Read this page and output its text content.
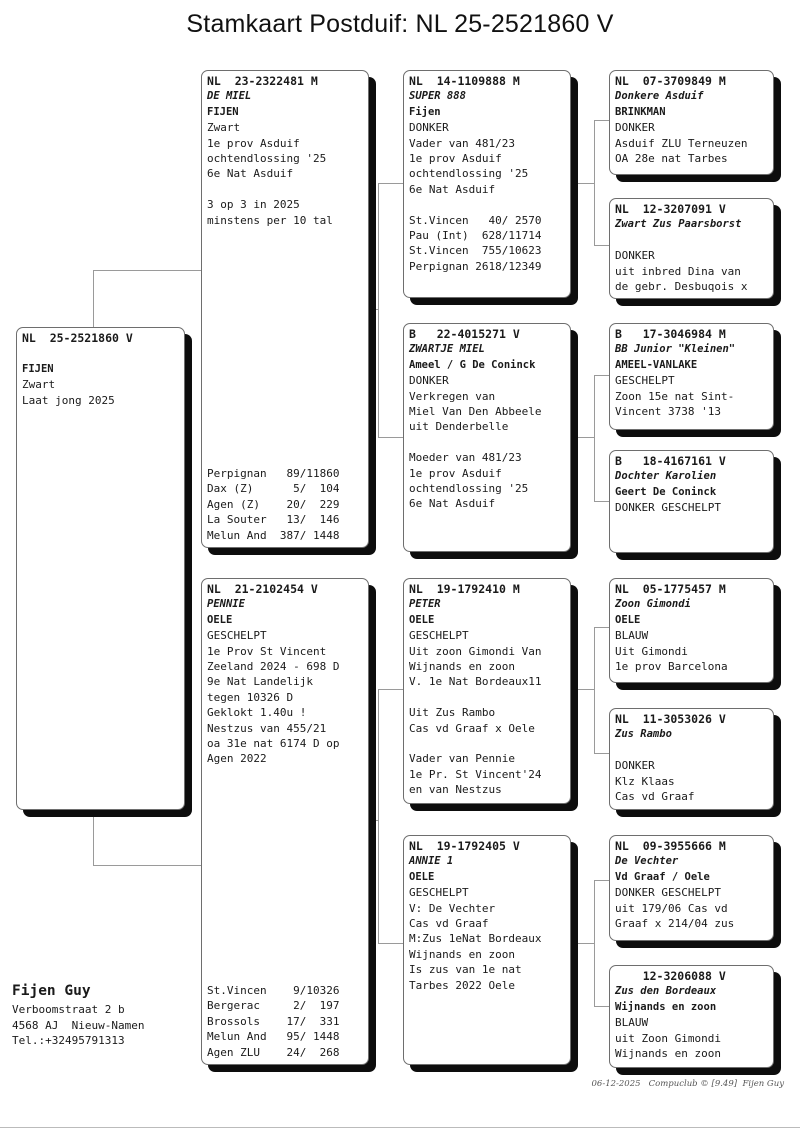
Stamkaart Postduif: NL 25-2521860 V
NL  25-2521860 V
FIJEN
Zwart
Laat jong 2025
NL  23-2322481 M
DE MIEL
FIJEN
Zwart
1e prov Asduif
ochtendlossing '25
6e Nat Asduif
3 op 3 in 2025
minstens per 10 tal
Perpignan   89/11860
Dax (Z)      5/  104
Agen (Z)    20/  229
La Souter   13/  146
Melun And  387/ 1448
NL  21-2102454 V
PENNIE
OELE
GESCHELPT
1e Prov St Vincent
Zeeland 2024 - 698 D
9e Nat Landelijk
tegen 10326 D
Geklokt 1.40u !
Nestzus van 455/21
oa 31e nat 6174 D op
Agen 2022
St.Vincen    9/10326
Bergerac     2/  197
Brossols    17/  331
Melun And   95/ 1448
Agen ZLU    24/  268
NL  14-1109888 M
SUPER 888
Fijen
DONKER
Vader van 481/23
1e prov Asduif
ochtendlossing '25
6e Nat Asduif
St.Vincen   40/ 2570
Pau (Int)  628/11714
St.Vincen  755/10623
Perpignan 2618/12349
B   22-4015271 V
ZWARTJE MIEL
Ameel / G De Coninck
DONKER
Verkregen van
Miel Van Den Abbeele
uit Denderbelle
Moeder van 481/23
1e prov Asduif
ochtendlossing '25
6e Nat Asduif
NL  19-1792410 M
PETER
OELE
GESCHELPT
Uit zoon Gimondi Van
Wijnands en zoon
V. 1e Nat Bordeaux11
Uit Zus Rambo
Cas vd Graaf x Oele
Vader van Pennie
1e Pr. St Vincent'24
en van Nestzus
NL  19-1792405 V
ANNIE 1
OELE
GESCHELPT
V: De Vechter
Cas vd Graaf
M:Zus 1eNat Bordeaux
Wijnands en zoon
Is zus van 1e nat
Tarbes 2022 Oele
NL  07-3709849 M
Donkere Asduif
BRINKMAN
DONKER
Asduif ZLU Terneuzen
OA 28e nat Tarbes
NL  12-3207091 V
Zwart Zus Paarsborst
DONKER
uit inbred Dina van
de gebr. Desbuqois x
B   17-3046984 M
BB Junior "Kleinen"
AMEEL-VANLAKE
GESCHELPT
Zoon 15e nat Sint-
Vincent 3738 '13
B   18-4167161 V
Dochter Karolien
Geert De Coninck
DONKER GESCHELPT
NL  05-1775457 M
Zoon Gimondi
OELE
BLAUW
Uit Gimondi
1e prov Barcelona
NL  11-3053026 V
Zus Rambo
DONKER
Klz Klaas
Cas vd Graaf
NL  09-3955666 M
De Vechter
Vd Graaf / Oele
DONKER GESCHELPT
uit 179/06 Cas vd
Graaf x 214/04 zus
12-3206088 V
Zus den Bordeaux
Wijnands en zoon
BLAUW
uit Zoon Gimondi
Wijnands en zoon
Fijen Guy
Verboomstraat 2 b
4568 AJ  Nieuw-Namen
Tel.:+32495791313
06-12-2025   Compuclub © [9.49]  Fijen Guy
